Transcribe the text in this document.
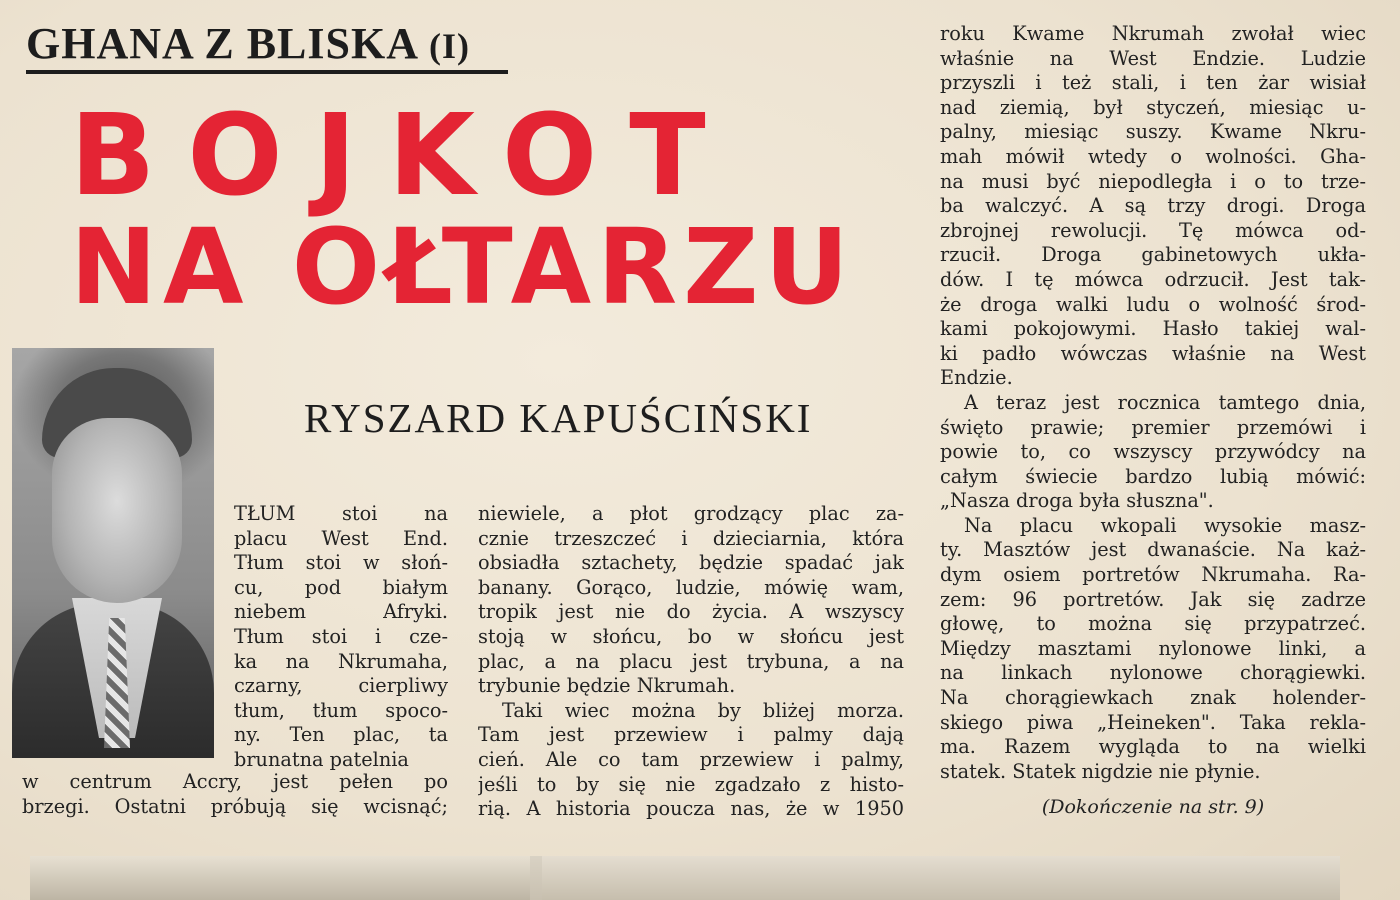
GHANA Z BLISKA (I)
BOJKOT
NA OŁTARZU
RYSZARD KAPUŚCIŃSKI
TŁUM stoi na
placu West End.
Tłum stoi w słoń-
cu, pod białym
niebem Afryki.
Tłum stoi i cze-
ka na Nkrumaha,
czarny, cierpliwy
tłum, tłum spoco-
ny. Ten plac, ta
brunatna patelnia
w centrum Accry, jest pełen po
brzegi. Ostatni próbują się wcisnąć;
niewiele, a płot grodzący plac za-
cznie trzeszczeć i dzieciarnia, która
obsiadła sztachety, będzie spadać jak
banany. Gorąco, ludzie, mówię wam,
tropik jest nie do życia. A wszyscy
stoją w słońcu, bo w słońcu jest
plac, a na placu jest trybuna, a na
trybunie będzie Nkrumah.
Taki wiec można by bliżej morza.
Tam jest przewiew i palmy dają
cień. Ale co tam przewiew i palmy,
jeśli to by się nie zgadzało z histo-
rią. A historia poucza nas, że w 1950
roku Kwame Nkrumah zwołał wiec
właśnie na West Endzie. Ludzie
przyszli i też stali, i ten żar wisiał
nad ziemią, był styczeń, miesiąc u-
palny, miesiąc suszy. Kwame Nkru-
mah mówił wtedy o wolności. Gha-
na musi być niepodległa i o to trze-
ba walczyć. A są trzy drogi. Droga
zbrojnej rewolucji. Tę mówca od-
rzucił. Droga gabinetowych ukła-
dów. I tę mówca odrzucił. Jest tak-
że droga walki ludu o wolność środ-
kami pokojowymi. Hasło takiej wal-
ki padło wówczas właśnie na West
Endzie.
A teraz jest rocznica tamtego dnia,
święto prawie; premier przemówi i
powie to, co wszyscy przywódcy na
całym świecie bardzo lubią mówić:
„Nasza droga była słuszna".
Na placu wkopali wysokie masz-
ty. Masztów jest dwanaście. Na każ-
dym osiem portretów Nkrumaha. Ra-
zem: 96 portretów. Jak się zadrze
głowę, to można się przypatrzeć.
Między masztami nylonowe linki, a
na linkach nylonowe chorągiewki.
Na chorągiewkach znak holender-
skiego piwa „Heineken". Taka rekla-
ma. Razem wygląda to na wielki
statek. Statek nigdzie nie płynie.
(Dokończenie na str. 9)
